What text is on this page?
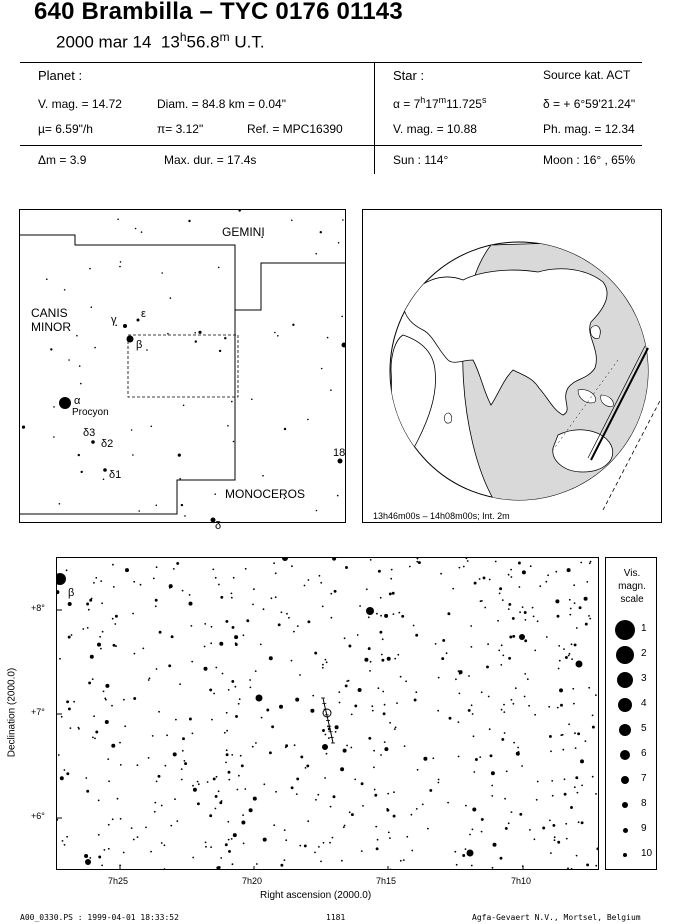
640 Brambilla – TYC 0176 01143
2000 mar 14 13$^h$56.8$^m$ U.T.
Planet :
V. mag. = 14.72	Diam. = 84.8 km = 0.04"
µ= 6.59"/h	π= 3.12"	Ref. = MPC16390
Star :	Source kat. ACT
$\alpha = 7^h17^m11.725^s$	δ = + 6°59'21.24"
V. mag. = 10.88	Ph. mag. = 12.34
Δm = 3.9	Max. dur. = 17.4s	Sun : 114°	Moon : 16° , 65%
GEMINI
CANIS
MINOR
MONOCEROS
γ ε
β
α
Procyon
δ3
δ2
δ1
18
δ
13h46m00s – 14h08m00s; Int. 2m
β
+8°
+7°
+6°
7h25	7h20	7h15	7h10
Right ascension (2000.0)
Declination (2000.0)
Vis.
magn.
scale
1
2
3
4
5
6
7
8
9
10
A00_0330.PS : 1999-04-01 18:33:52	1181	Agfa-Gevaert N.V., Mortsel, Belgium
